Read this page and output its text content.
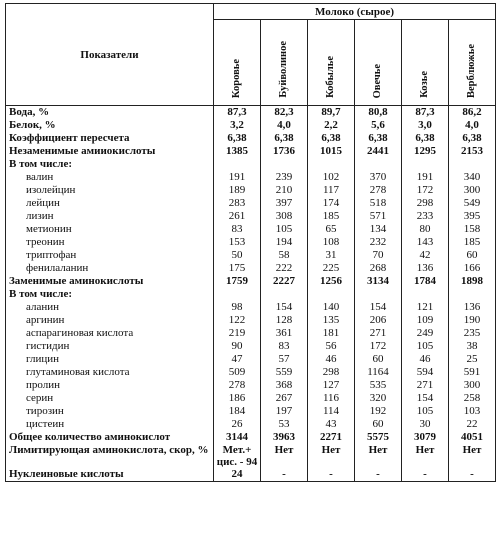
Показатели	Молоко (сырое)					
	Коровье	Буйволиное	Кобылье	Овечье	Козье	Верблюжье
Вода, %	87,3	82,3	89,7	80,8	87,3	86,2
Белок, %	3,2	4,0	2,2	5,6	3,0	4,0
Коэффициент пересчета	6,38	6,38	6,38	6,38	6,38	6,38
Незаменимые амииокислоты	1385	1736	1015	2441	1295	2153
В том числе:						
валин	191	239	102	370	191	340
изолейцин	189	210	117	278	172	300
лейцин	283	397	174	518	298	549
лизин	261	308	185	571	233	395
метионин	83	105	65	134	80	158
треонин	153	194	108	232	143	185
триптофан	50	58	31	70	42	60
фенилаланин	175	222	225	268	136	166
Заменимые аминокислоты	1759	2227	1256	3134	1784	1898
В том числе:						
аланин	98	154	140	154	121	136
аргинин	122	128	135	206	109	190
аспарагиновая кислота	219	361	181	271	249	235
гистидин	90	83	56	172	105	38
глицин	47	57	46	60	46	25
глутаминовая кислота	509	559	298	1164	594	591
пролин	278	368	127	535	271	300
серин	186	267	116	320	154	258
тирозин	184	197	114	192	105	103
цистеин	26	53	43	60	30	22
Общее количество аминокислот	3144	3963	2271	5575	3079	4051
Лимитирующая аминокислота, скор, %	Мет.+ цис. - 94	Нет	Нет	Нет	Нет	Нет
Нуклеиновые кислоты	24	-	-	-	-	-
